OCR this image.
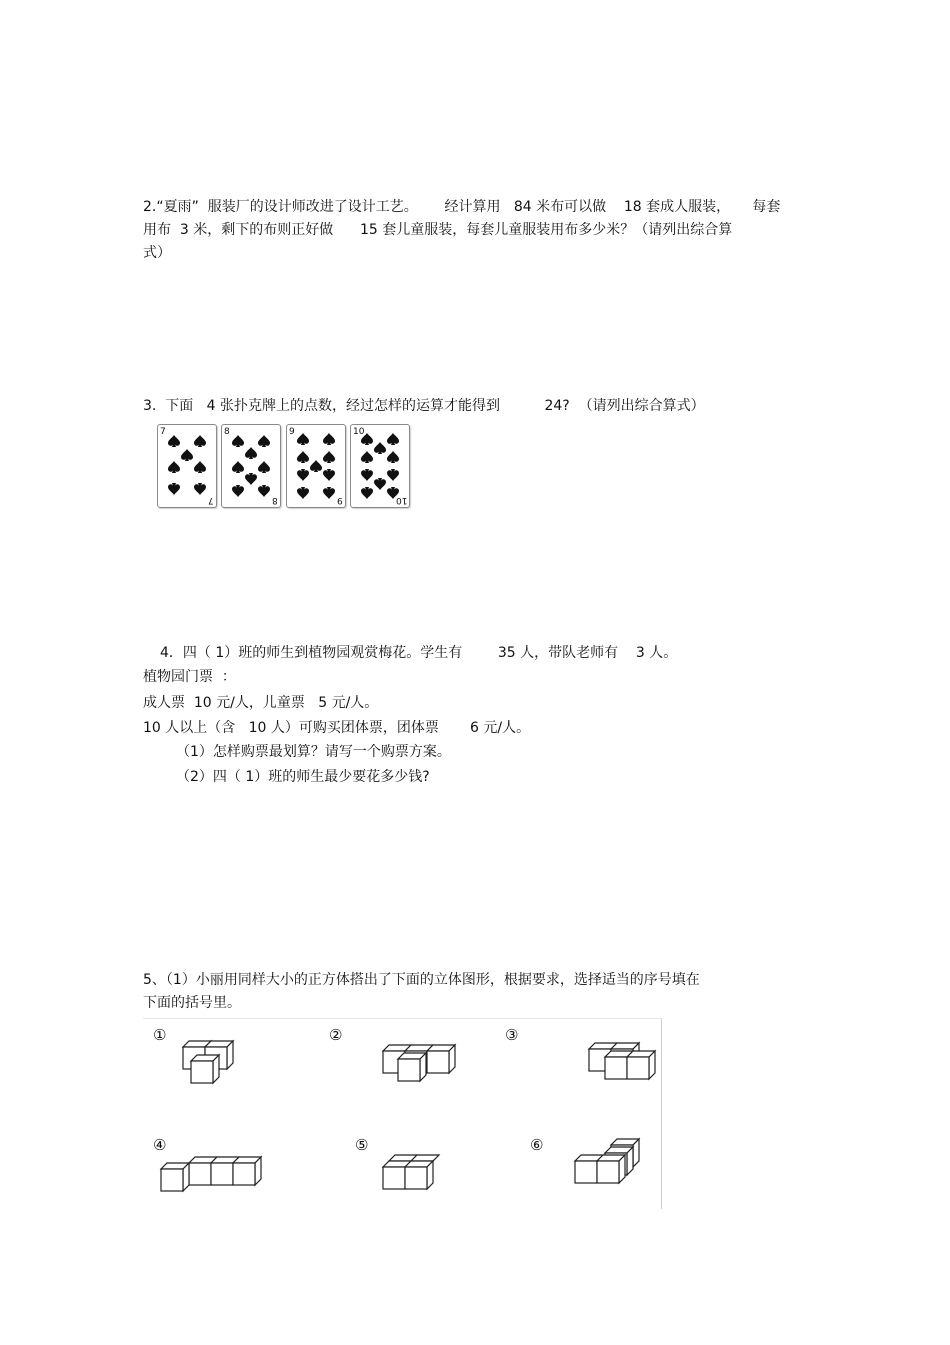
2.“夏雨”  服装厂的设计师改进了设计工艺。      经计算用   84 米布可以做    18 套成人服装，     每套
用布  3 米，剩下的布则正好做      15 套儿童服装，每套儿童服装用布多少米？（请列出综合算
式）
3.  下面   4 张扑克牌上的点数，经过怎样的运算才能得到          24?  （请列出综合算式）
7
7
8
8
9
9
10
10
4．四（ 1）班的师生到植物园观赏梅花。学生有        35 人，带队老师有    3 人。
植物园门票  ：
成人票  10 元/人，儿童票   5 元/人。
10 人以上（含   10 人）可购买团体票，团体票       6 元/人。
（1）怎样购票最划算？请写一个购票方案。
（2）四（ 1）班的师生最少要花多少钱?
5、（1）小丽用同样大小的正方体搭出了下面的立体图形，根据要求，选择适当的序号填在
下面的括号里。
①	②	③
④	⑤	⑥
